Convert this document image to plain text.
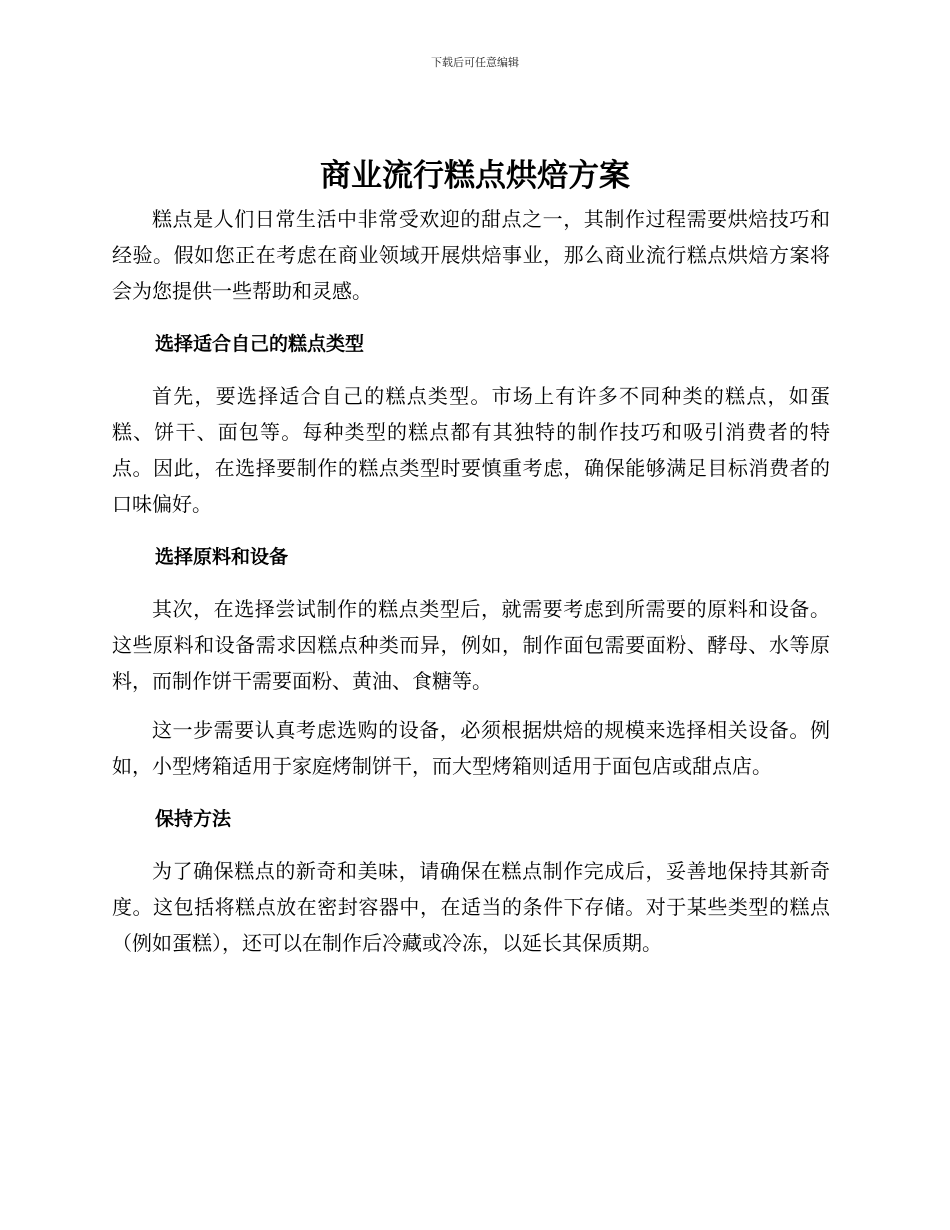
下载后可任意编辑
商业流行糕点烘焙方案

糕点是人们日常生活中非常受欢迎的甜点之一，其制作过程需要烘焙技巧和经验。假如您正在考虑在商业领域开展烘焙事业，那么商业流行糕点烘焙方案将会为您提供一些帮助和灵感。

选择适合自己的糕点类型

首先，要选择适合自己的糕点类型。市场上有许多不同种类的糕点，如蛋糕、饼干、面包等。每种类型的糕点都有其独特的制作技巧和吸引消费者的特点。因此，在选择要制作的糕点类型时要慎重考虑，确保能够满足目标消费者的口味偏好。

选择原料和设备

其次，在选择尝试制作的糕点类型后，就需要考虑到所需要的原料和设备。这些原料和设备需求因糕点种类而异，例如，制作面包需要面粉、酵母、水等原料，而制作饼干需要面粉、黄油、食糖等。

这一步需要认真考虑选购的设备，必须根据烘焙的规模来选择相关设备。例如，小型烤箱适用于家庭烤制饼干，而大型烤箱则适用于面包店或甜点店。

保持方法

为了确保糕点的新奇和美味，请确保在糕点制作完成后，妥善地保持其新奇度。这包括将糕点放在密封容器中，在适当的条件下存储。对于某些类型的糕点（例如蛋糕），还可以在制作后冷藏或冷冻，以延长其保质期。
